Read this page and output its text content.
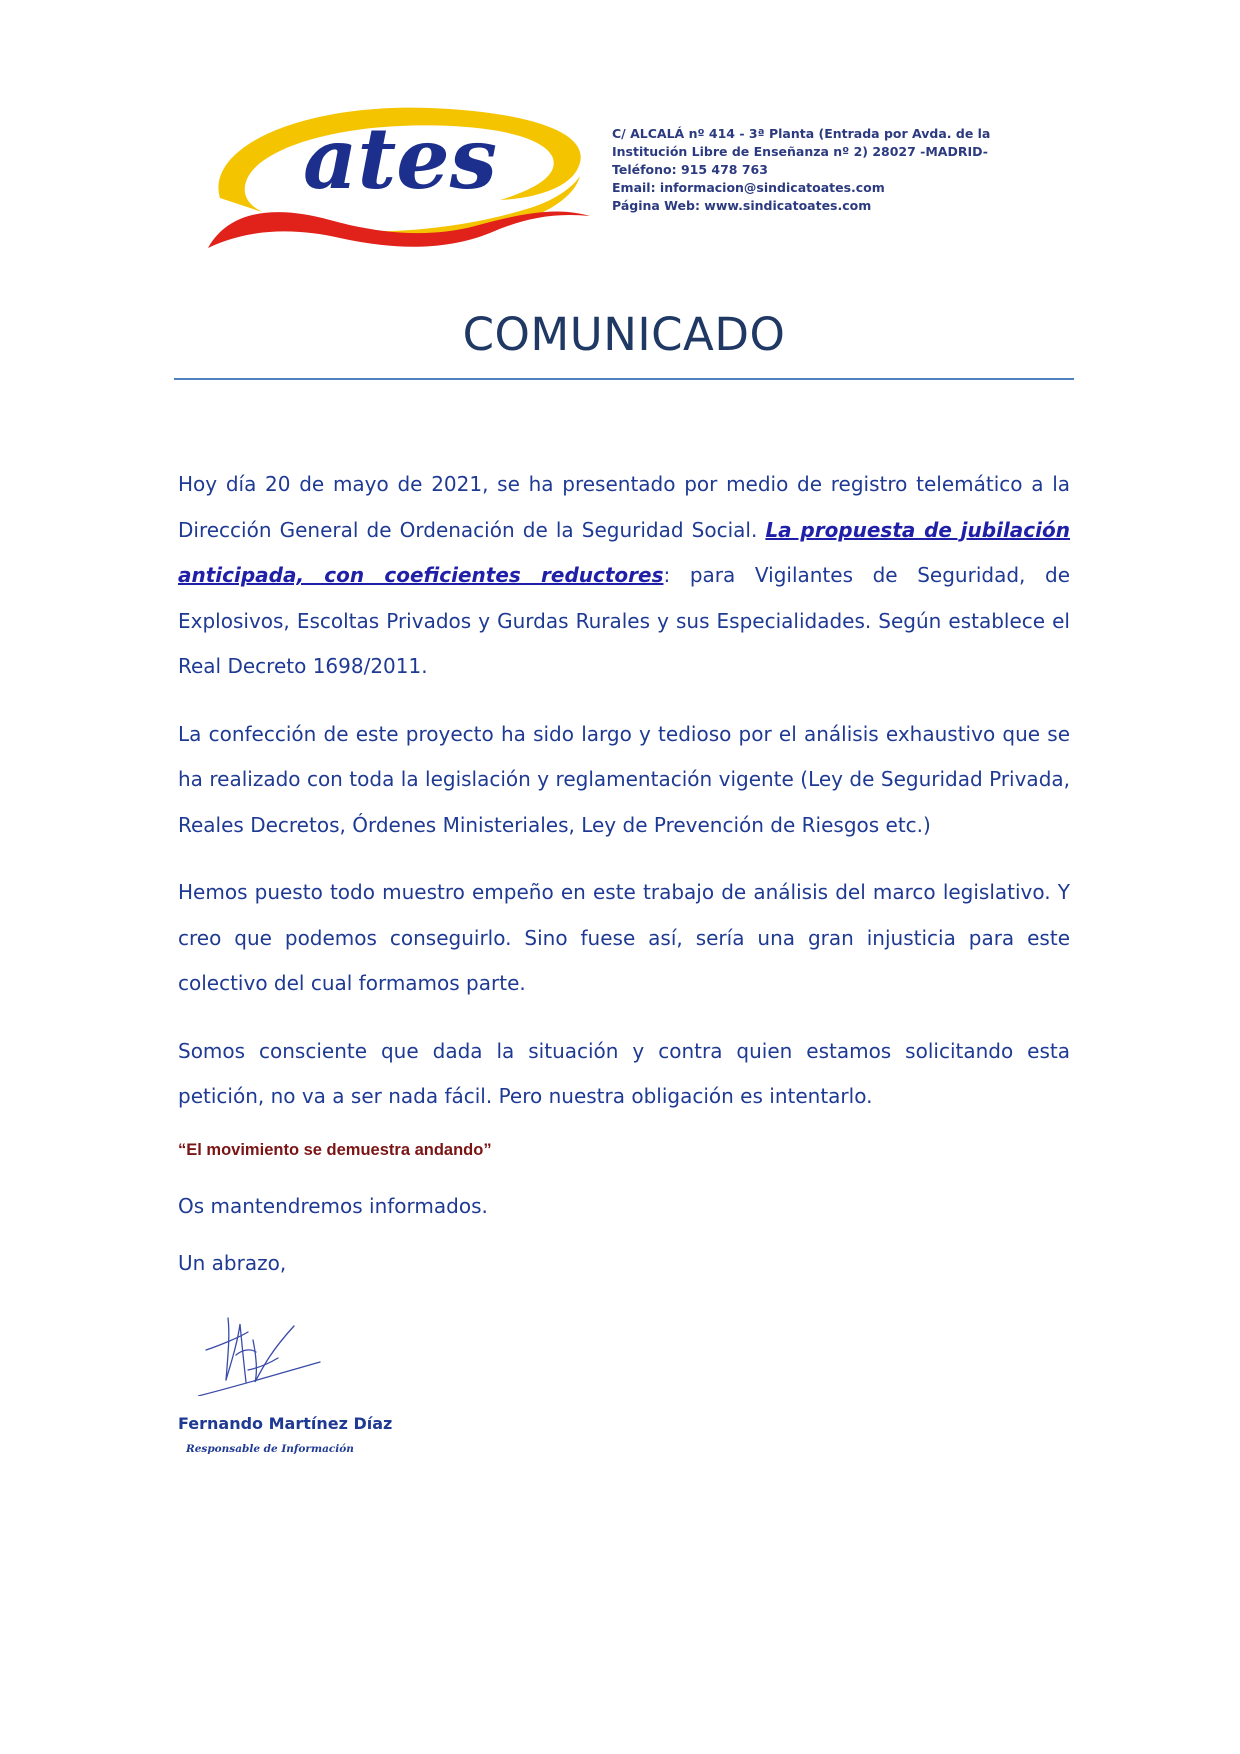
ates	C/ ALCALÁ nº 414 - 3ª Planta (Entrada por Avda. de la
Institución Libre de Enseñanza nº 2) 28027 -MADRID-
Teléfono: 915 478 763
Email: informacion@sindicatoates.com
Página Web: www.sindicatoates.com
COMUNICADO

Hoy día 20 de mayo de 2021, se ha presentado por medio de registro telemático a la Dirección General de Ordenación de la Seguridad Social. La propuesta de jubilación anticipada, con coeficientes reductores: para Vigilantes de Seguridad, de Explosivos, Escoltas Privados y Gurdas Rurales y sus Especialidades. Según establece el Real Decreto 1698/2011.

La confección de este proyecto ha sido largo y tedioso por el análisis exhaustivo que se ha realizado con toda la legislación y reglamentación vigente (Ley de Seguridad Privada, Reales Decretos, Órdenes Ministeriales, Ley de Prevención de Riesgos etc.)

Hemos puesto todo muestro empeño en este trabajo de análisis del marco legislativo. Y creo que podemos conseguirlo. Sino fuese así, sería una gran injusticia para este colectivo del cual formamos parte.

Somos consciente que dada la situación y contra quien estamos solicitando esta petición, no va a ser nada fácil. Pero nuestra obligación es intentarlo.

“El movimiento se demuestra andando”

Os mantendremos informados.

Un abrazo,

Fernando Martínez Díaz
Responsable de Información
